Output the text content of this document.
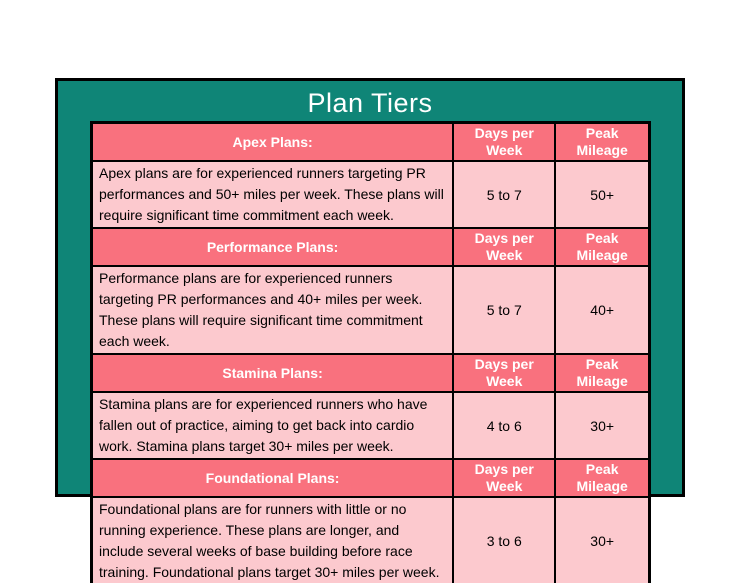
Plan Tiers
Apex Plans:	Days per Week	Peak Mileage
Apex plans are for experienced runners targeting PR performances and 50+ miles per week. These plans will require significant time commitment each week.	5 to 7	50+
Performance Plans:	Days per Week	Peak Mileage
Performance plans are for experienced runners targeting PR performances and 40+ miles per week. These plans will require significant time commitment each week.	5 to 7	40+
Stamina Plans:	Days per Week	Peak Mileage
Stamina plans are for experienced runners who have fallen out of practice, aiming to get back into cardio work. Stamina plans target 30+ miles per week.	4 to 6	30+
Foundational Plans:	Days per Week	Peak Mileage
Foundational plans are for runners with little or no running experience. These plans are longer, and include several weeks of base building before race training. Foundational plans target 30+ miles per week.	3 to 6	30+
